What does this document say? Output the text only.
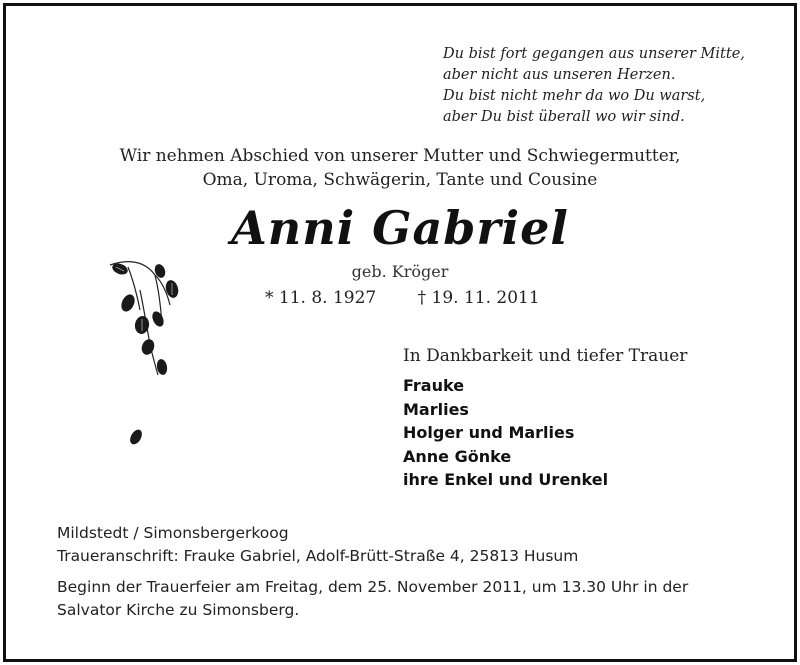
Du bist fort gegangen aus unserer Mitte,
aber nicht aus unseren Herzen.
Du bist nicht mehr da wo Du warst,
aber Du bist überall wo wir sind.
Wir nehmen Abschied von unserer Mutter und Schwiegermutter,
Oma, Uroma, Schwägerin, Tante und Cousine
Anni Gabriel
geb. Kröger
* 11. 8. 1927 † 19. 11. 2011
In Dankbarkeit und tiefer Trauer
Frauke
Marlies
Holger und Marlies
Anne Gönke
ihre Enkel und Urenkel
Mildstedt / Simonsbergerkoog
Traueranschrift: Frauke Gabriel, Adolf-Brütt-Straße 4, 25813 Husum
Beginn der Trauerfeier am Freitag, dem 25. November 2011, um 13.30 Uhr in der
Salvator Kirche zu Simonsberg.
